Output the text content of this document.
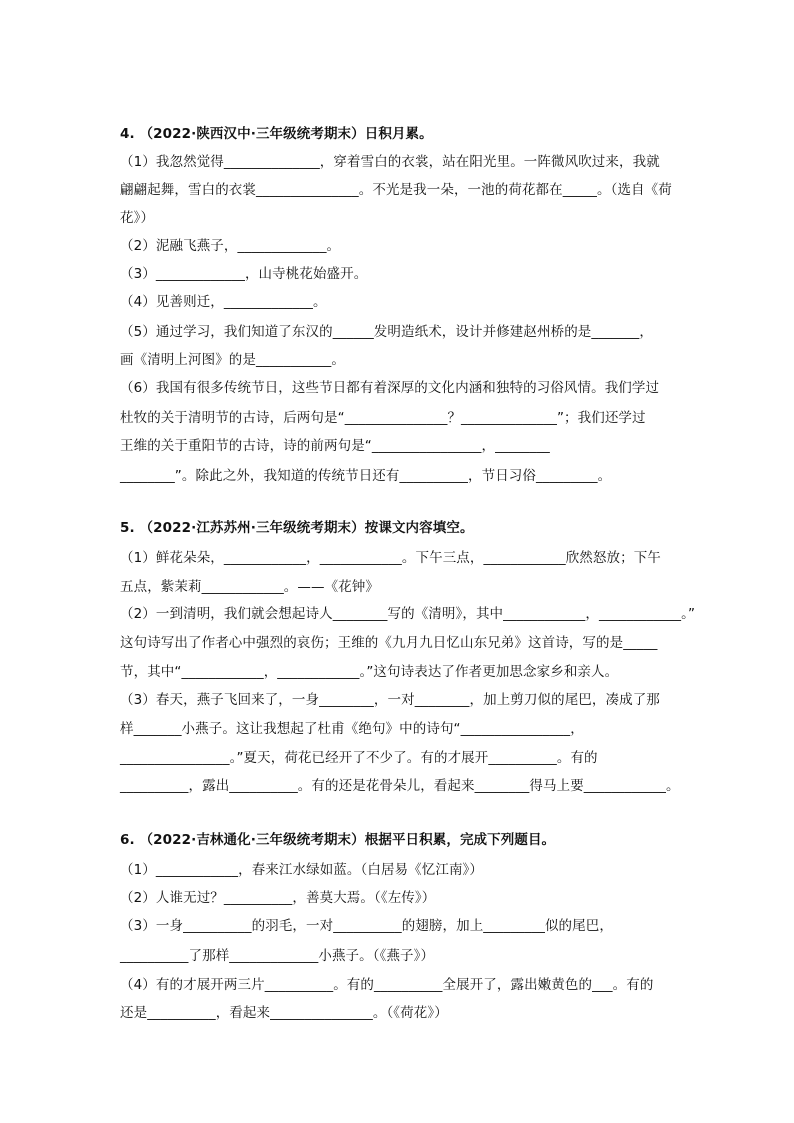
4. （2022·陕西汉中·三年级统考期末）日积月累。
（1）我忽然觉得______________，穿着雪白的衣裳，站在阳光里。一阵微风吹过来，我就
翩翩起舞，雪白的衣裳_______________。不光是我一朵，一池的荷花都在_____。（选自《荷
花》）
（2）泥融飞燕子，_____________。
（3）_____________，山寺桃花始盛开。
（4）见善则迁，_____________。
（5）通过学习，我们知道了东汉的______发明造纸术，设计并修建赵州桥的是_______，
画《清明上河图》的是___________。
（6）我国有很多传统节日，这些节日都有着深厚的文化内涵和独特的习俗风情。我们学过
杜牧的关于清明节的古诗，后两句是“_______________？______________”；我们还学过
王维的关于重阳节的古诗，诗的前两句是“________________，________
________”。除此之外，我知道的传统节日还有__________，节日习俗_________。
5. （2022·江苏苏州·三年级统考期末）按课文内容填空。
（1）鲜花朵朵，____________，____________。下午三点，____________欣然怒放；下午
五点，紫茉莉____________。——《花钟》
（2）一到清明，我们就会想起诗人________写的《清明》，其中____________，____________。”
这句诗写出了作者心中强烈的哀伤；王维的《九月九日忆山东兄弟》这首诗，写的是_____
节，其中“____________，____________。”这句诗表达了作者更加思念家乡和亲人。
（3）春天，燕子飞回来了，一身________，一对________，加上剪刀似的尾巴，凑成了那
样_______小燕子。这让我想起了杜甫《绝句》中的诗句“________________，
________________。”夏天，荷花已经开了不少了。有的才展开__________。有的
__________，露出__________。有的还是花骨朵儿，看起来________得马上要____________。
6. （2022·吉林通化·三年级统考期末）根据平日积累，完成下列题目。
（1）____________，春来江水绿如蓝。（白居易《忆江南》）
（2）人谁无过？__________，善莫大焉。（《左传》）
（3）一身__________的羽毛，一对__________的翅膀，加上_________似的尾巴，
__________了那样_____________小燕子。（《燕子》）
（4）有的才展开两三片__________。有的__________全展开了，露出嫩黄色的___。有的
还是__________，看起来_______________。（《荷花》）
